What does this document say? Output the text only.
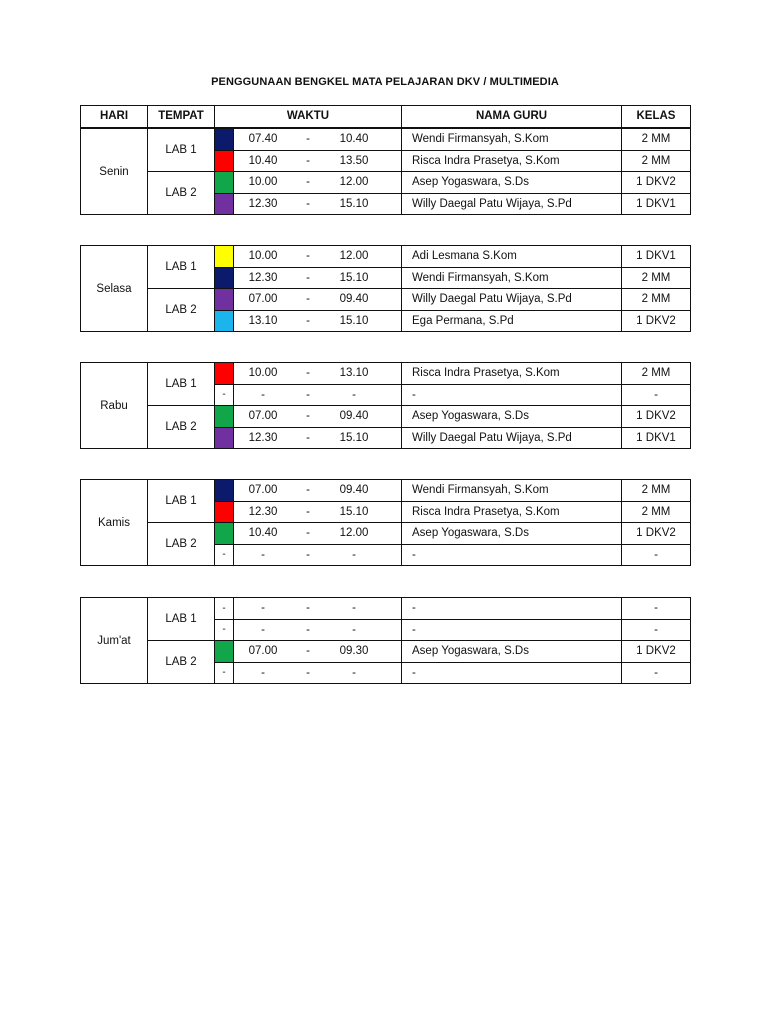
PENGGUNAAN BENGKEL MATA PELAJARAN DKV / MULTIMEDIA
HARI	TEMPAT	WAKTU	NAMA GURU	KELAS
Senin	LAB 1		07.40 - 10.40	Wendi Firmansyah, S.Kom	2 MM

			10.40 - 13.50	Risca Indra Prasetya, S.Kom	2 MM
	LAB 2		10.00 - 12.00	Asep Yogaswara, S.Ds	1 DKV2

			12.30 - 15.10	Willy Daegal Patu Wijaya, S.Pd	1 DKV1
Selasa	LAB 1		10.00 - 12.00	Adi Lesmana S.Kom	1 DKV1

			12.30 - 15.10	Wendi Firmansyah, S.Kom	2 MM
	LAB 2		07.00 - 09.40	Willy Daegal Patu Wijaya, S.Pd	2 MM

			13.10 - 15.10	Ega Permana, S.Pd	1 DKV2
Rabu	LAB 1		10.00 - 13.10	Risca Indra Prasetya, S.Kom	2 MM
		-	- - -	-	-
	LAB 2		07.00 - 09.40	Asep Yogaswara, S.Ds	1 DKV2

			12.30 - 15.10	Willy Daegal Patu Wijaya, S.Pd	1 DKV1
Kamis	LAB 1		07.00 - 09.40	Wendi Firmansyah, S.Kom	2 MM

			12.30 - 15.10	Risca Indra Prasetya, S.Kom	2 MM
	LAB 2		10.40 - 12.00	Asep Yogaswara, S.Ds	1 DKV2
		-	- - -	-	-
Jum'at	LAB 1	-	- - -	-	-
		-	- - -	-	-
	LAB 2		07.00 - 09.30	Asep Yogaswara, S.Ds	1 DKV2
		-	- - -	-	-
